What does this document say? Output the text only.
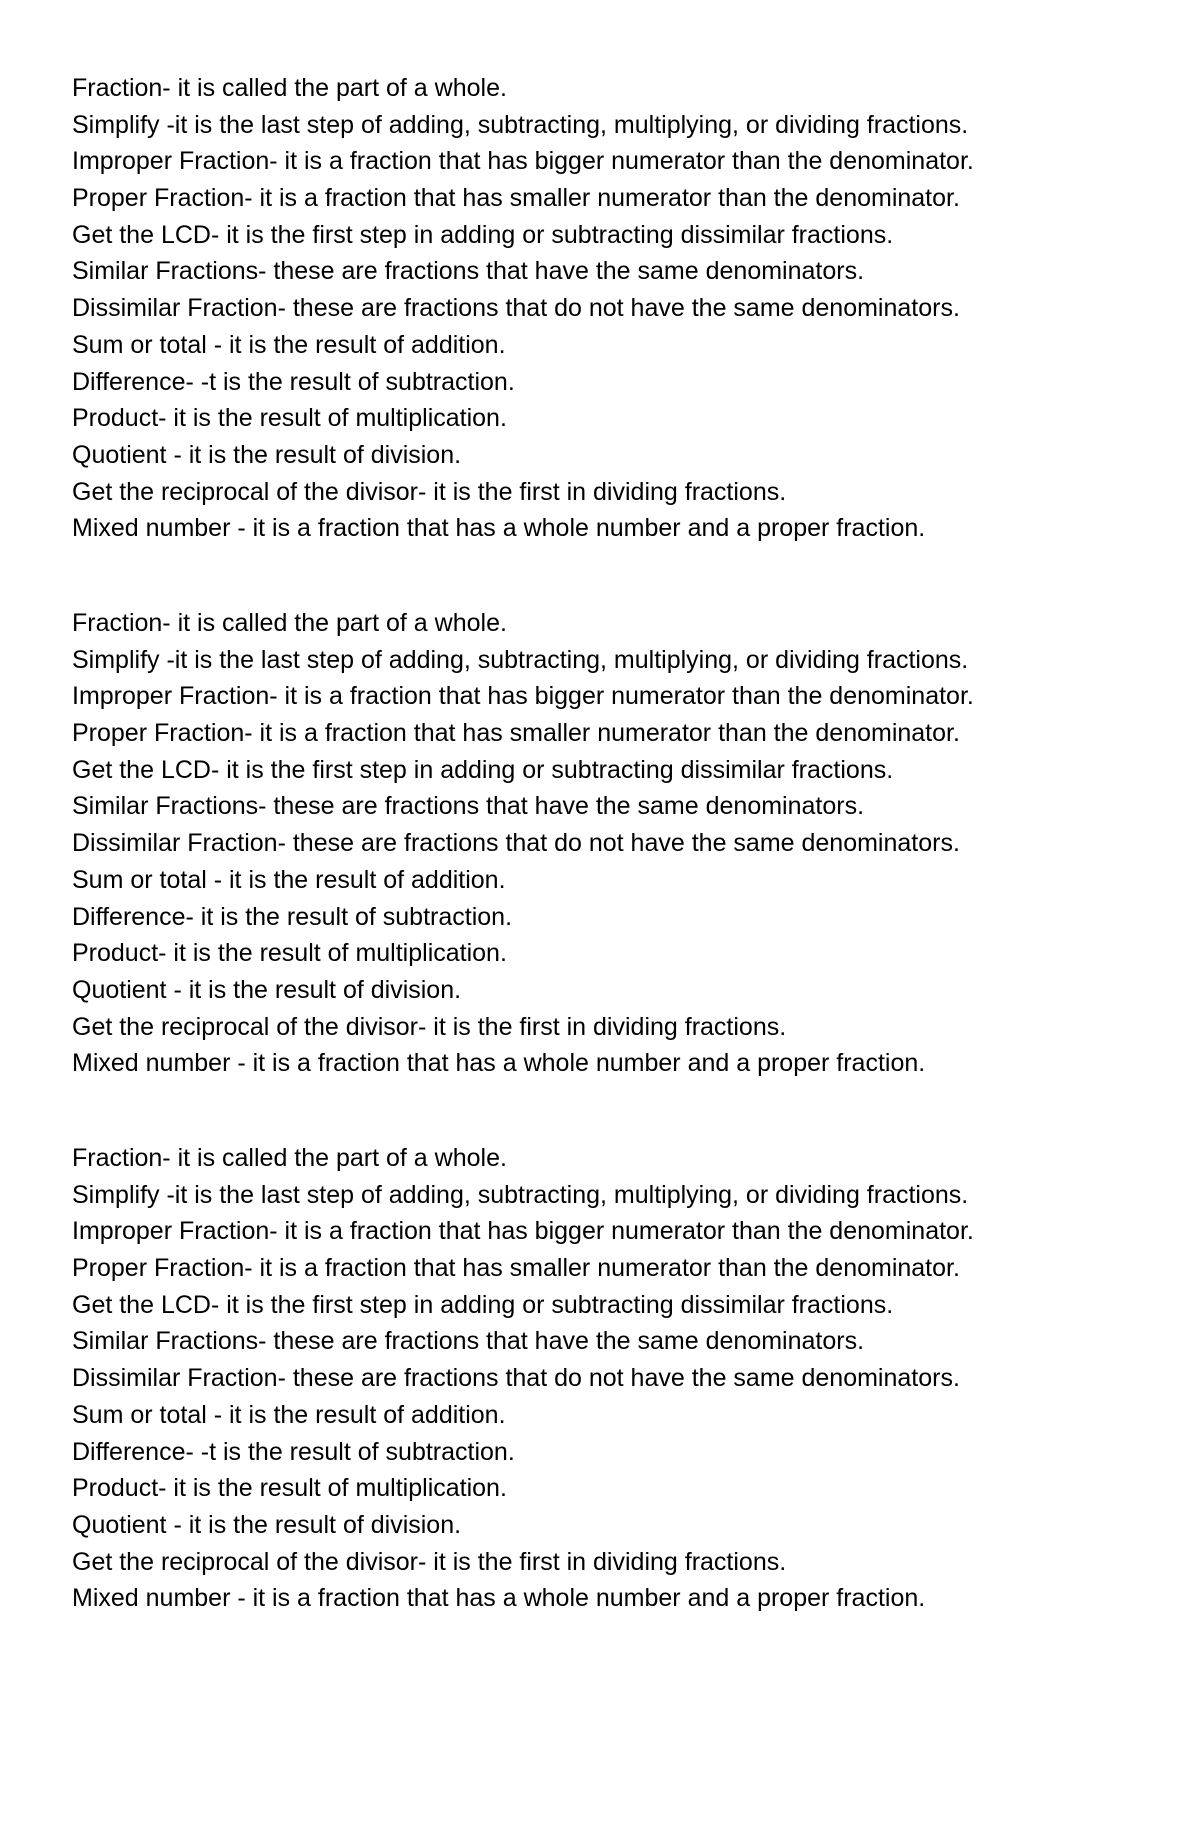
Fraction- it is called the part of a whole.

Simplify -it is the last step of adding, subtracting, multiplying, or dividing fractions.

Improper Fraction- it is a fraction that has bigger numerator than the denominator.

Proper Fraction- it is a fraction that has smaller numerator than the denominator.

Get the LCD- it is the first step in adding or subtracting dissimilar fractions.

Similar Fractions- these are fractions that have the same denominators.

Dissimilar Fraction- these are fractions that do not have the same denominators.

Sum or total - it is the result of addition.

Difference- -t is the result of subtraction.

Product- it is the result of multiplication.

Quotient - it is the result of division.

Get the reciprocal of the divisor- it is the first in dividing fractions.

Mixed number - it is a fraction that has a whole number and a proper fraction.

Fraction- it is called the part of a whole.

Simplify -it is the last step of adding, subtracting, multiplying, or dividing fractions.

Improper Fraction- it is a fraction that has bigger numerator than the denominator.

Proper Fraction- it is a fraction that has smaller numerator than the denominator.

Get the LCD- it is the first step in adding or subtracting dissimilar fractions.

Similar Fractions- these are fractions that have the same denominators.

Dissimilar Fraction- these are fractions that do not have the same denominators.

Sum or total - it is the result of addition.

Difference- it is the result of subtraction.

Product- it is the result of multiplication.

Quotient - it is the result of division.

Get the reciprocal of the divisor- it is the first in dividing fractions.

Mixed number - it is a fraction that has a whole number and a proper fraction.

Fraction- it is called the part of a whole.

Simplify -it is the last step of adding, subtracting, multiplying, or dividing fractions.

Improper Fraction- it is a fraction that has bigger numerator than the denominator.

Proper Fraction- it is a fraction that has smaller numerator than the denominator.

Get the LCD- it is the first step in adding or subtracting dissimilar fractions.

Similar Fractions- these are fractions that have the same denominators.

Dissimilar Fraction- these are fractions that do not have the same denominators.

Sum or total - it is the result of addition.

Difference- -t is the result of subtraction.

Product- it is the result of multiplication.

Quotient - it is the result of division.

Get the reciprocal of the divisor- it is the first in dividing fractions.

Mixed number - it is a fraction that has a whole number and a proper fraction.
